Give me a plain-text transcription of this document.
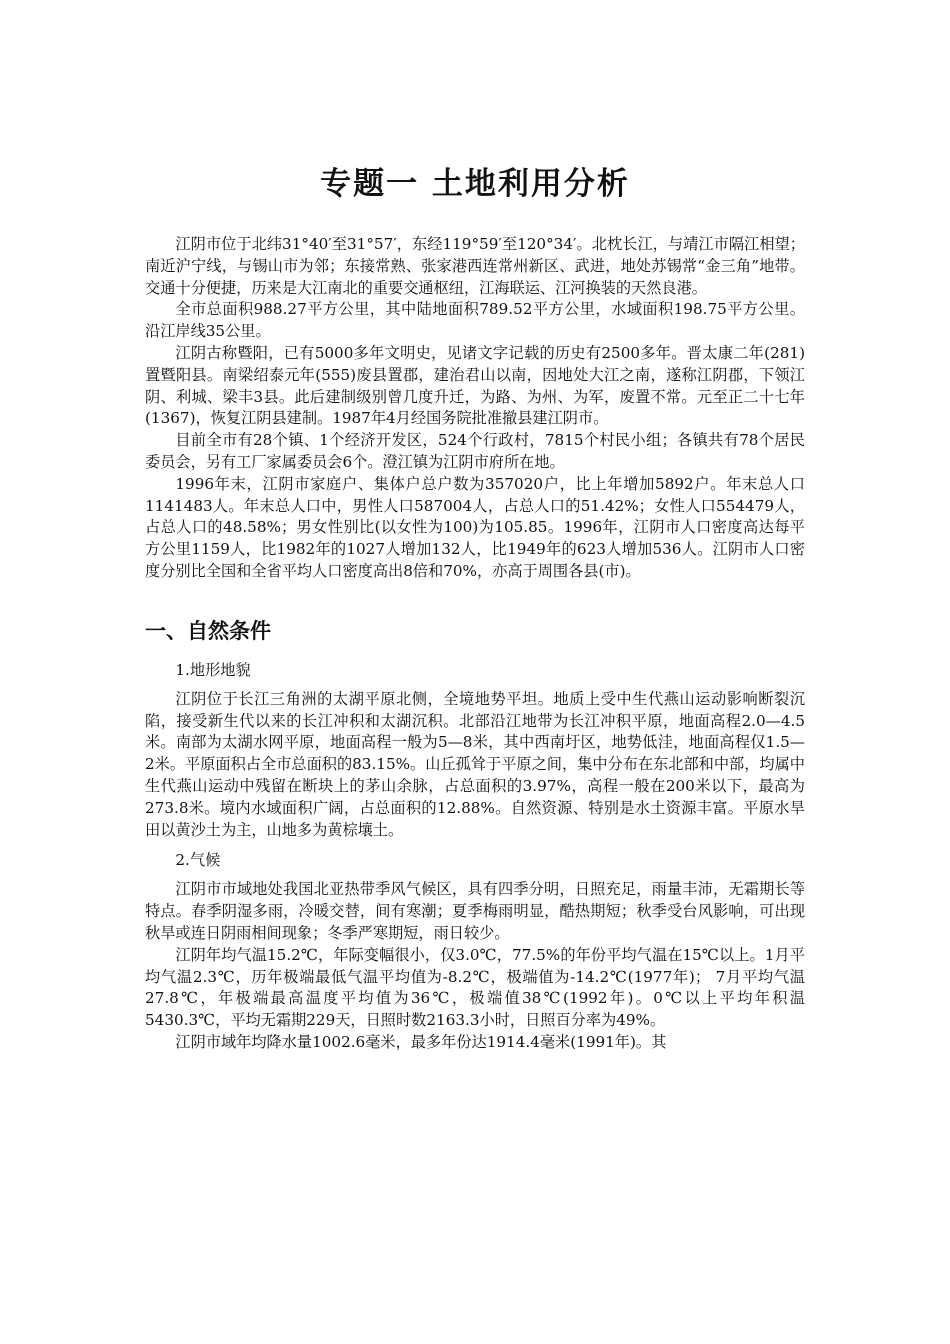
专题一 土地利用分析

江阴市位于北纬31°40′至31°57′，东经119°59′至120°34′。北枕长江，与靖江市隔江相望；南近沪宁线，与锡山市为邻；东接常熟、张家港西连常州新区、武进，地处苏锡常“金三角”地带。交通十分便捷，历来是大江南北的重要交通枢纽，江海联运、江河换装的天然良港。

全市总面积988.27平方公里，其中陆地面积789.52平方公里，水域面积198.75平方公里。沿江岸线35公里。

江阴古称暨阳，已有5000多年文明史，见诸文字记载的历史有2500多年。晋太康二年(281)置暨阳县。南梁绍泰元年(555)废县置郡，建治君山以南，因地处大江之南，遂称江阴郡，下领江阴、利城、梁丰3县。此后建制级别曾几度升迁，为路、为州、为军，废置不常。元至正二十七年(1367)，恢复江阴县建制。1987年4月经国务院批准撤县建江阴市。

目前全市有28个镇、1个经济开发区，524个行政村，7815个村民小组；各镇共有78个居民委员会，另有工厂家属委员会6个。澄江镇为江阴市府所在地。

1996年末，江阴市家庭户、集体户总户数为357020户，比上年增加5892户。年末总人口1141483人。年末总人口中，男性人口587004人，占总人口的51.42%；女性人口554479人，占总人口的48.58%；男女性别比(以女性为100)为105.85。1996年，江阴市人口密度高达每平方公里1159人，比1982年的1027人增加132人，比1949年的623人增加536人。江阴市人口密度分别比全国和全省平均人口密度高出8倍和70%，亦高于周围各县(市)。

一、自然条件
1.地形地貌

江阴位于长江三角洲的太湖平原北侧，全境地势平坦。地质上受中生代燕山运动影响断裂沉陷，接受新生代以来的长江冲积和太湖沉积。北部沿江地带为长江冲积平原，地面高程2.0—4.5米。南部为太湖水网平原，地面高程一般为5—8米，其中西南圩区，地势低洼，地面高程仅1.5—2米。平原面积占全市总面积的83.15%。山丘孤耸于平原之间，集中分布在东北部和中部，均属中生代燕山运动中残留在断块上的茅山余脉，占总面积的3.97%，高程一般在200米以下，最高为273.8米。境内水域面积广阔，占总面积的12.88%。自然资源、特别是水土资源丰富。平原水旱田以黄沙土为主，山地多为黄棕壤土。

2.气候

江阴市市域地处我国北亚热带季风气候区，具有四季分明，日照充足，雨量丰沛，无霜期长等特点。春季阴湿多雨，冷暖交替，间有寒潮；夏季梅雨明显，酷热期短；秋季受台风影响，可出现秋旱或连日阴雨相间现象；冬季严寒期短，雨日较少。

江阴年均气温15.2℃，年际变幅很小，仅3.0℃，77.5%的年份平均气温在15℃以上。1月平均气温2.3℃，历年极端最低气温平均值为-8.2℃，极端值为-14.2℃(1977年)； 7月平均气温27.8℃，年极端最高温度平均值为36℃，极端值38℃(1992年)。0℃以上平均年积温5430.3℃，平均无霜期229天，日照时数2163.3小时，日照百分率为49%。

江阴市域年均降水量1002.6毫米，最多年份达1914.4毫米(1991年)。其
